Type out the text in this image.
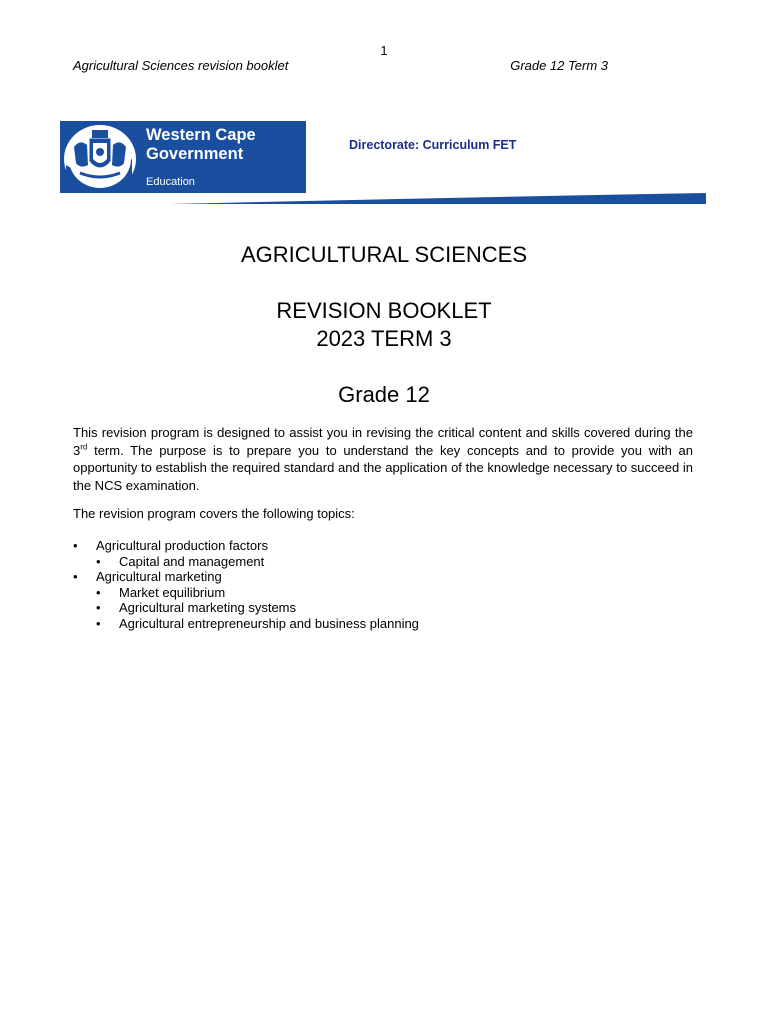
1
Agricultural Sciences revision booklet	Grade 12 Term 3
Western Cape
Government
Education
Directorate: Curriculum FET
AGRICULTURAL SCIENCES
REVISION BOOKLET
2023 TERM 3
Grade 12
This revision program is designed to assist you in revising the critical content and skills covered during the 3rd term. The purpose is to prepare you to understand the key concepts and to provide you with an opportunity to establish the required standard and the application of the knowledge necessary to succeed in the NCS examination.
The revision program covers the following topics:
• Agricultural production factors
• Capital and management
• Agricultural marketing
• Market equilibrium
• Agricultural marketing systems
• Agricultural entrepreneurship and business planning
